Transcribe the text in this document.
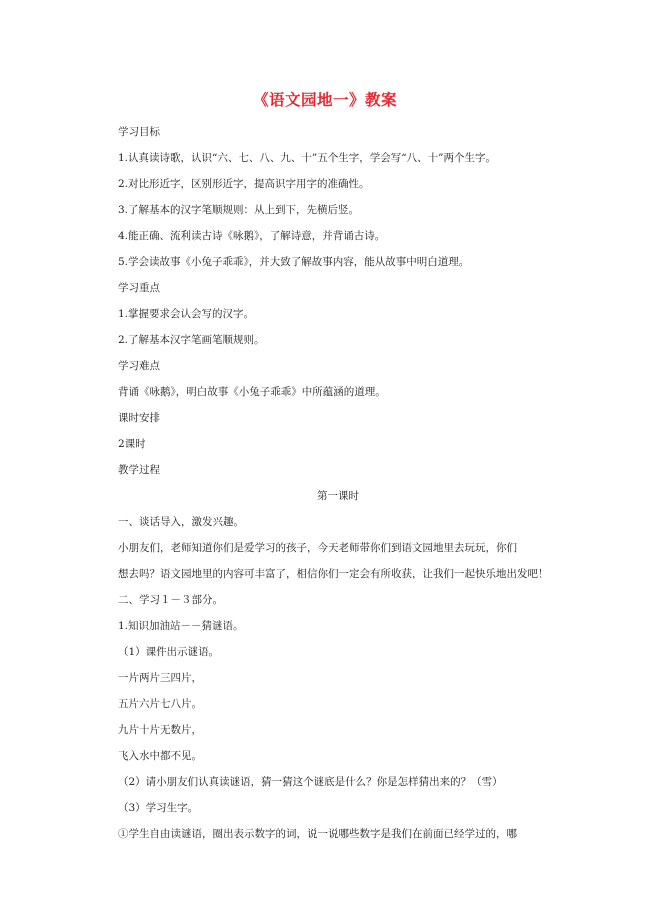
《语文园地一》教案
学习目标
1.认真读诗歌，认识“六、七、八、九、十”五个生字，学会写“八、十”两个生字。
2.对比形近字，区别形近字，提高识字用字的准确性。
3.了解基本的汉字笔顺规则：从上到下，先横后竖。
4.能正确、流利读古诗《咏鹅》，了解诗意，并背诵古诗。
5.学会读故事《小兔子乖乖》，并大致了解故事内容，能从故事中明白道理。
学习重点
1.掌握要求会认会写的汉字。
2.了解基本汉字笔画笔顺规则。
学习难点
背诵《咏鹅》，明白故事《小兔子乖乖》中所蕴涵的道理。
课时安排
2课时
教学过程
第一课时
一、谈话导入，激发兴趣。
小朋友们，老师知道你们是爱学习的孩子，今天老师带你们到语文园地里去玩玩，你们
想去吗？语文园地里的内容可丰富了，相信你们一定会有所收获，让我们一起快乐地出发吧！
二、学习１－３部分。
1.知识加油站－－猜谜语。
（1）课件出示谜语。
一片两片三四片，
五片六片七八片。
九片十片无数片，
飞入水中都不见。
（2）请小朋友们认真读谜语，猜一猜这个谜底是什么？你是怎样猜出来的？（雪）
（3）学习生字。
①学生自由读谜语，圈出表示数字的词，说一说哪些数字是我们在前面已经学过的，哪
